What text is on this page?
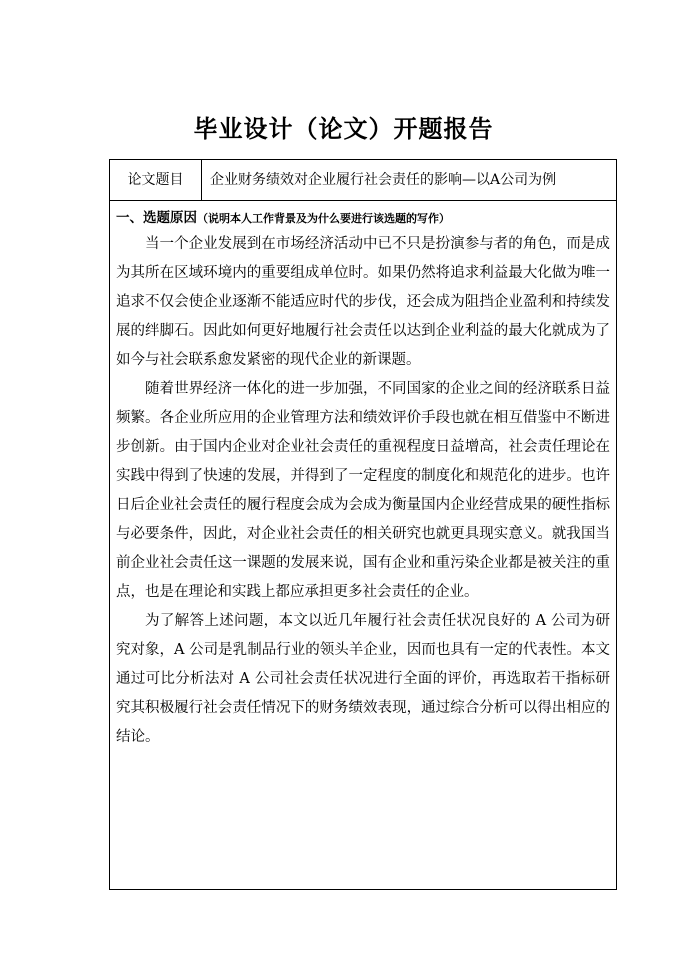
毕业设计（论文）开题报告
论文题目	企业财务绩效对企业履行社会责任的影响—以A公司为例
一、选题原因（说明本人工作背景及为什么要进行该选题的写作）

当一个企业发展到在市场经济活动中已不只是扮演参与者的角色，而是成为其所在区域环境内的重要组成单位时。如果仍然将追求利益最大化做为唯一追求不仅会使企业逐渐不能适应时代的步伐，还会成为阻挡企业盈利和持续发展的绊脚石。因此如何更好地履行社会责任以达到企业利益的最大化就成为了如今与社会联系愈发紧密的现代企业的新课题。

随着世界经济一体化的进一步加强，不同国家的企业之间的经济联系日益频繁。各企业所应用的企业管理方法和绩效评价手段也就在相互借鉴中不断进步创新。由于国内企业对企业社会责任的重视程度日益增高，社会责任理论在实践中得到了快速的发展，并得到了一定程度的制度化和规范化的进步。也许日后企业社会责任的履行程度会成为会成为衡量国内企业经营成果的硬性指标与必要条件，因此，对企业社会责任的相关研究也就更具现实意义。就我国当前企业社会责任这一课题的发展来说，国有企业和重污染企业都是被关注的重点，也是在理论和实践上都应承担更多社会责任的企业。

为了解答上述问题，本文以近几年履行社会责任状况良好的 A 公司为研究对象，A 公司是乳制品行业的领头羊企业，因而也具有一定的代表性。本文通过可比分析法对 A 公司社会责任状况进行全面的评价，再选取若干指标研究其积极履行社会责任情况下的财务绩效表现，通过综合分析可以得出相应的结论。
